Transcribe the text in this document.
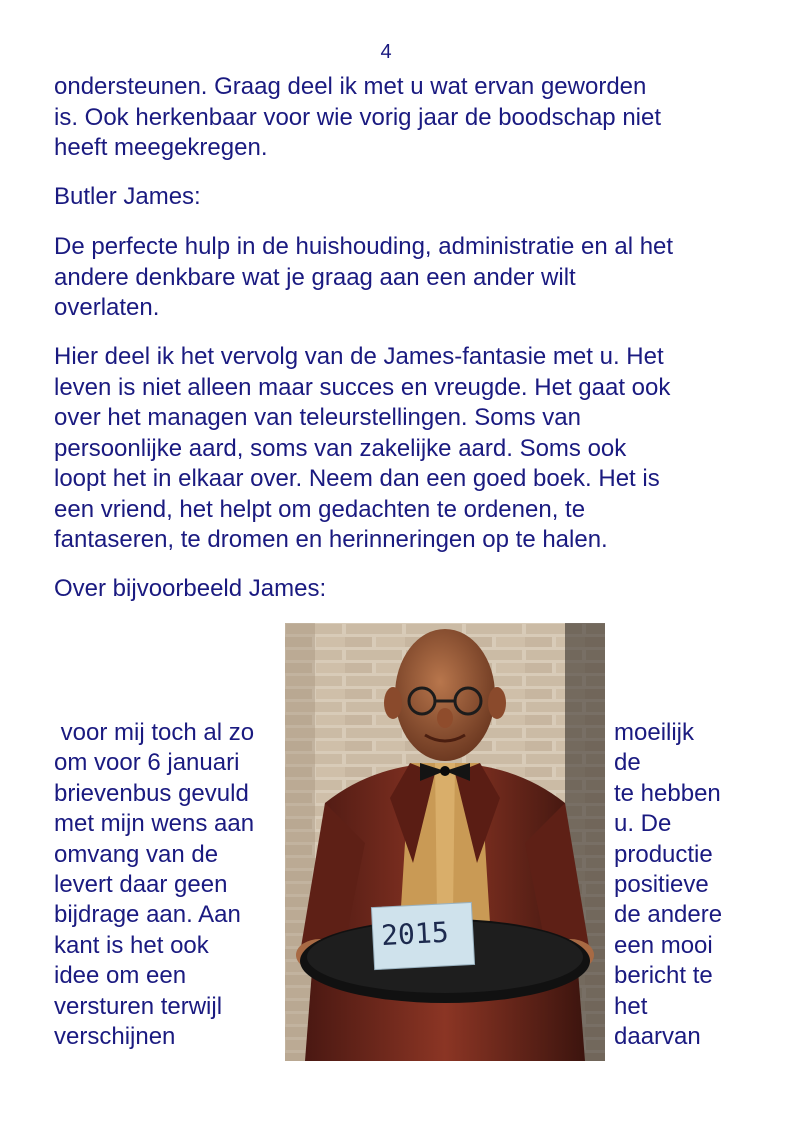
4

ondersteunen. Graag deel ik met u wat ervan geworden
is. Ook herkenbaar voor wie vorig jaar de boodschap niet
heeft meegekregen.

Butler James:

De perfecte hulp in de huishouding, administratie en al het
andere denkbare wat je graag aan een ander wilt
overlaten.

Hier deel ik het vervolg van de James-fantasie met u. Het
leven is niet alleen maar succes en vreugde. Het gaat ook
over het managen van teleurstellingen. Soms van
persoonlijke aard, soms van zakelijke aard. Soms ook
loopt het in elkaar over. Neem dan een goed boek. Het is
een vriend, het helpt om gedachten te ordenen, te
fantaseren, te dromen en herinneringen op te halen.

Over bijvoorbeeld James:

voor mij toch al zo
om voor 6 januari
brievenbus gevuld
met mijn wens aan
omvang van de
levert daar geen
bijdrage aan. Aan
kant is het ook
idee om een
versturen terwijl
verschijnen
moeilijk
de
te hebben
u. De
productie
positieve
de andere
een mooi
bericht te
het
daarvan
2015
